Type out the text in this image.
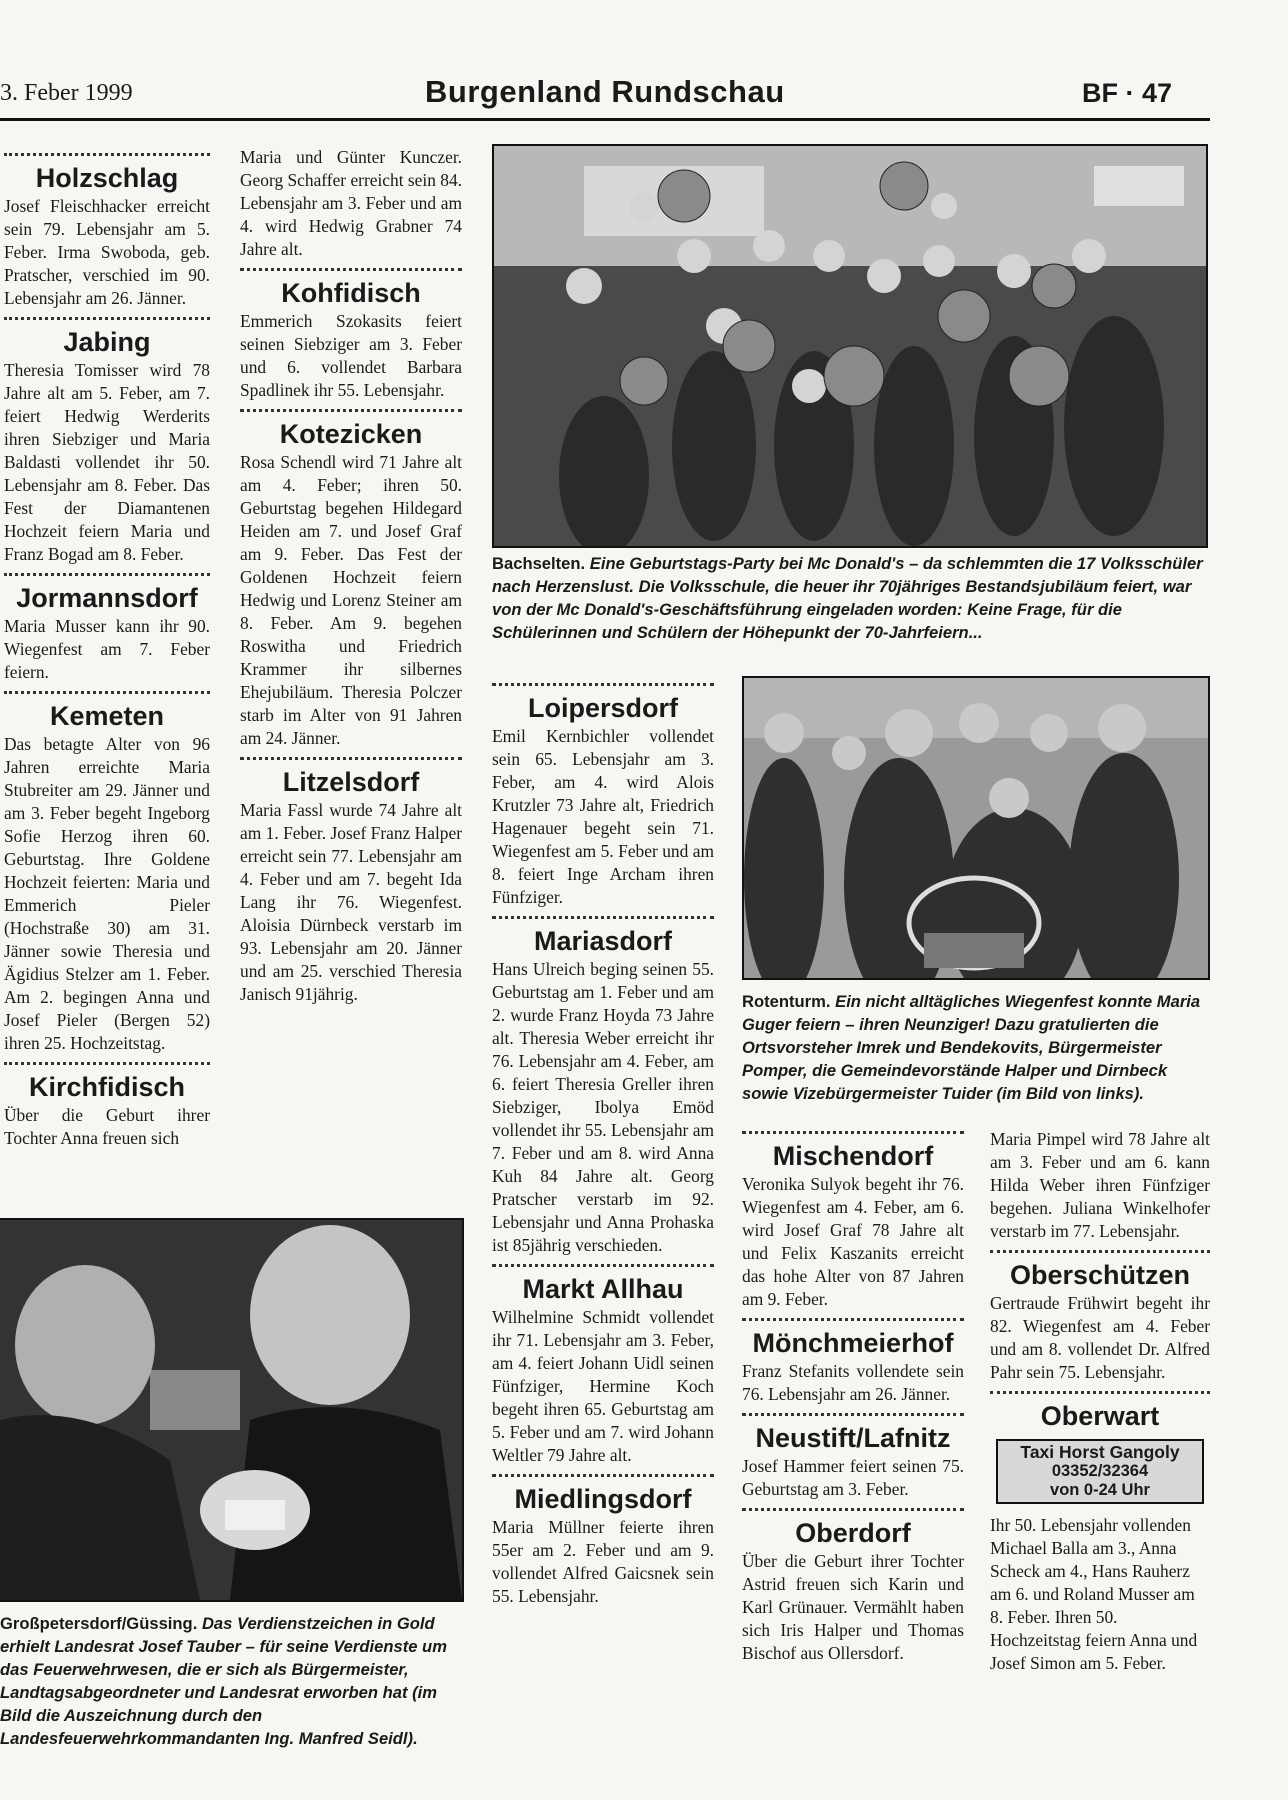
3. Feber 1999	Burgenland Rundschau	BF · 47

Holzschlag

Josef Fleischhacker erreicht sein 79. Lebensjahr am 5. Feber. Irma Swoboda, geb. Pratscher, verschied im 90. Lebensjahr am 26. Jänner.

Jabing

Theresia Tomisser wird 78 Jahre alt am 5. Feber, am 7. feiert Hedwig Werderits ihren Siebziger und Maria Baldasti vollendet ihr 50. Lebensjahr am 8. Feber. Das Fest der Diamantenen Hochzeit feiern Maria und Franz Bogad am 8. Feber.

Jormannsdorf

Maria Musser kann ihr 90. Wiegenfest am 7. Feber feiern.

Kemeten

Das betagte Alter von 96 Jahren erreichte Maria Stubreiter am 29. Jänner und am 3. Feber begeht Ingeborg Sofie Herzog ihren 60. Geburtstag. Ihre Goldene Hochzeit feierten: Maria und Emmerich Pieler (Hochstraße 30) am 31. Jänner sowie Theresia und Ägidius Stelzer am 1. Feber. Am 2. begingen Anna und Josef Pieler (Bergen 52) ihren 25. Hochzeitstag.

Kirchfidisch

Über die Geburt ihrer Tochter Anna freuen sich

Maria und Günter Kunczer. Georg Schaffer erreicht sein 84. Lebensjahr am 3. Feber und am 4. wird Hedwig Grabner 74 Jahre alt.

Kohfidisch

Emmerich Szokasits feiert seinen Siebziger am 3. Feber und 6. vollendet Barbara Spadlinek ihr 55. Lebensjahr.

Kotezicken

Rosa Schendl wird 71 Jahre alt am 4. Feber; ihren 50. Geburtstag begehen Hildegard Heiden am 7. und Josef Graf am 9. Feber. Das Fest der Goldenen Hochzeit feiern Hedwig und Lorenz Steiner am 8. Feber. Am 9. begehen Roswitha und Friedrich Krammer ihr silbernes Ehejubiläum. Theresia Polczer starb im Alter von 91 Jahren am 24. Jänner.

Litzelsdorf

Maria Fassl wurde 74 Jahre alt am 1. Feber. Josef Franz Halper erreicht sein 77. Lebensjahr am 4. Feber und am 7. begeht Ida Lang ihr 76. Wiegenfest. Aloisia Dürnbeck verstarb im 93. Lebensjahr am 20. Jänner und am 25. verschied Theresia Janisch 91jährig.

Bachselten. Eine Geburtstags-Party bei Mc Donald's – da schlemmten die 17 Volksschüler nach Herzenslust. Die Volksschule, die heuer ihr 70jähriges Bestandsjubiläum feiert, war von der Mc Donald's-Geschäftsführung eingeladen worden: Keine Frage, für die Schülerinnen und Schülern der Höhepunkt der 70-Jahrfeiern...

Loipersdorf

Emil Kernbichler vollendet sein 65. Lebensjahr am 3. Feber, am 4. wird Alois Krutzler 73 Jahre alt, Friedrich Hagenauer begeht sein 71. Wiegenfest am 5. Feber und am 8. feiert Inge Archam ihren Fünfziger.

Mariasdorf

Hans Ulreich beging seinen 55. Geburtstag am 1. Feber und am 2. wurde Franz Hoyda 73 Jahre alt. Theresia Weber erreicht ihr 76. Lebensjahr am 4. Feber, am 6. feiert Theresia Greller ihren Siebziger, Ibolya Emöd vollendet ihr 55. Lebensjahr am 7. Feber und am 8. wird Anna Kuh 84 Jahre alt. Georg Pratscher verstarb im 92. Lebensjahr und Anna Prohaska ist 85jährig verschieden.

Markt Allhau

Wilhelmine Schmidt vollendet ihr 71. Lebensjahr am 3. Feber, am 4. feiert Johann Uidl seinen Fünfziger, Hermine Koch begeht ihren 65. Geburtstag am 5. Feber und am 7. wird Johann Weltler 79 Jahre alt.

Miedlingsdorf

Maria Müllner feierte ihren 55er am 2. Feber und am 9. vollendet Alfred Gaicsnek sein 55. Lebensjahr.

Rotenturm. Ein nicht alltägliches Wiegenfest konnte Maria Guger feiern – ihren Neunziger! Dazu gratulierten die Ortsvorsteher Imrek und Bendekovits, Bürgermeister Pomper, die Gemeindevorstände Halper und Dirnbeck sowie Vizebürgermeister Tuider (im Bild von links).

Mischendorf

Veronika Sulyok begeht ihr 76. Wiegenfest am 4. Feber, am 6. wird Josef Graf 78 Jahre alt und Felix Kaszanits erreicht das hohe Alter von 87 Jahren am 9. Feber.

Mönchmeierhof

Franz Stefanits vollendete sein 76. Lebensjahr am 26. Jänner.

Neustift/Lafnitz

Josef Hammer feiert seinen 75. Geburtstag am 3. Feber.

Oberdorf

Über die Geburt ihrer Tochter Astrid freuen sich Karin und Karl Grünauer. Vermählt haben sich Iris Halper und Thomas Bischof aus Ollersdorf.

Maria Pimpel wird 78 Jahre alt am 3. Feber und am 6. kann Hilda Weber ihren Fünfziger begehen. Juliana Winkelhofer verstarb im 77. Lebensjahr.

Oberschützen

Gertraude Frühwirt begeht ihr 82. Wiegenfest am 4. Feber und am 8. vollendet Dr. Alfred Pahr sein 75. Lebensjahr.

Oberwart

Taxi Horst Gangoly
03352/32364
von 0-24 Uhr

Ihr 50. Lebensjahr vollenden Michael Balla am 3., Anna Scheck am 4., Hans Rauherz am 6. und Roland Musser am 8. Feber. Ihren 50. Hochzeitstag feiern Anna und Josef Simon am 5. Feber.

Großpetersdorf/Güssing. Das Verdienstzeichen in Gold erhielt Landesrat Josef Tauber – für seine Verdienste um das Feuerwehrwesen, die er sich als Bürgermeister, Landtagsabgeordneter und Landesrat erworben hat (im Bild die Auszeichnung durch den Landesfeuerwehrkommandanten Ing. Manfred Seidl).
